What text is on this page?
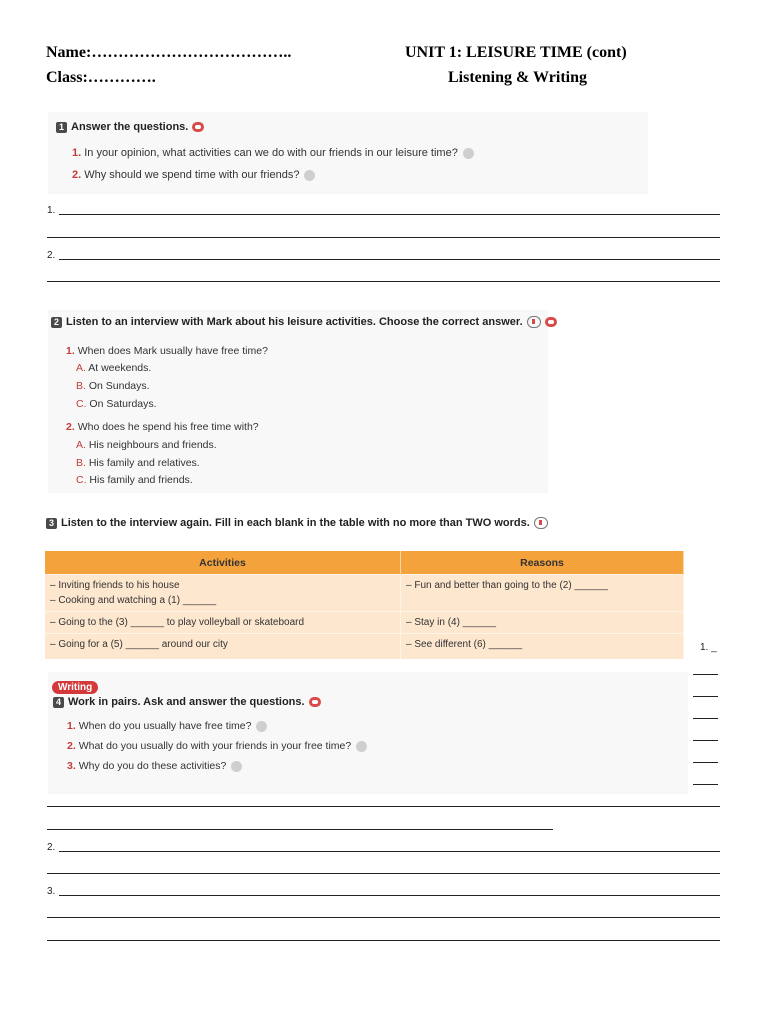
Name:………………………………..
Class:………….
UNIT 1: LEISURE TIME (cont)
Listening & Writing
1 Answer the questions.
1. In your opinion, what activities can we do with our friends in our leisure time?
2. Why should we spend time with our friends?
1.
2.
2 Listen to an interview with Mark about his leisure activities. Choose the correct answer.
1. When does Mark usually have free time?
A. At weekends.
B. On Sundays.
C. On Saturdays.
2. Who does he spend his free time with?
A. His neighbours and friends.
B. His family and relatives.
C. His family and friends.
3 Listen to the interview again. Fill in each blank in the table with no more than TWO words.
Activities	Reasons

– Inviting friends to his house
– Cooking and watching a (1) ______	– Fun and better than going to the (2) ______
– Going to the (3) ______ to play volleyball or skateboard	– Stay in (4) ______
– Going for a (5) ______ around our city	– See different (6) ______	1. _
Writing
4 Work in pairs. Ask and answer the questions.
1. When do you usually have free time?
2. What do you usually do with your friends in your free time?
3. Why do you do these activities?
2.
3.
